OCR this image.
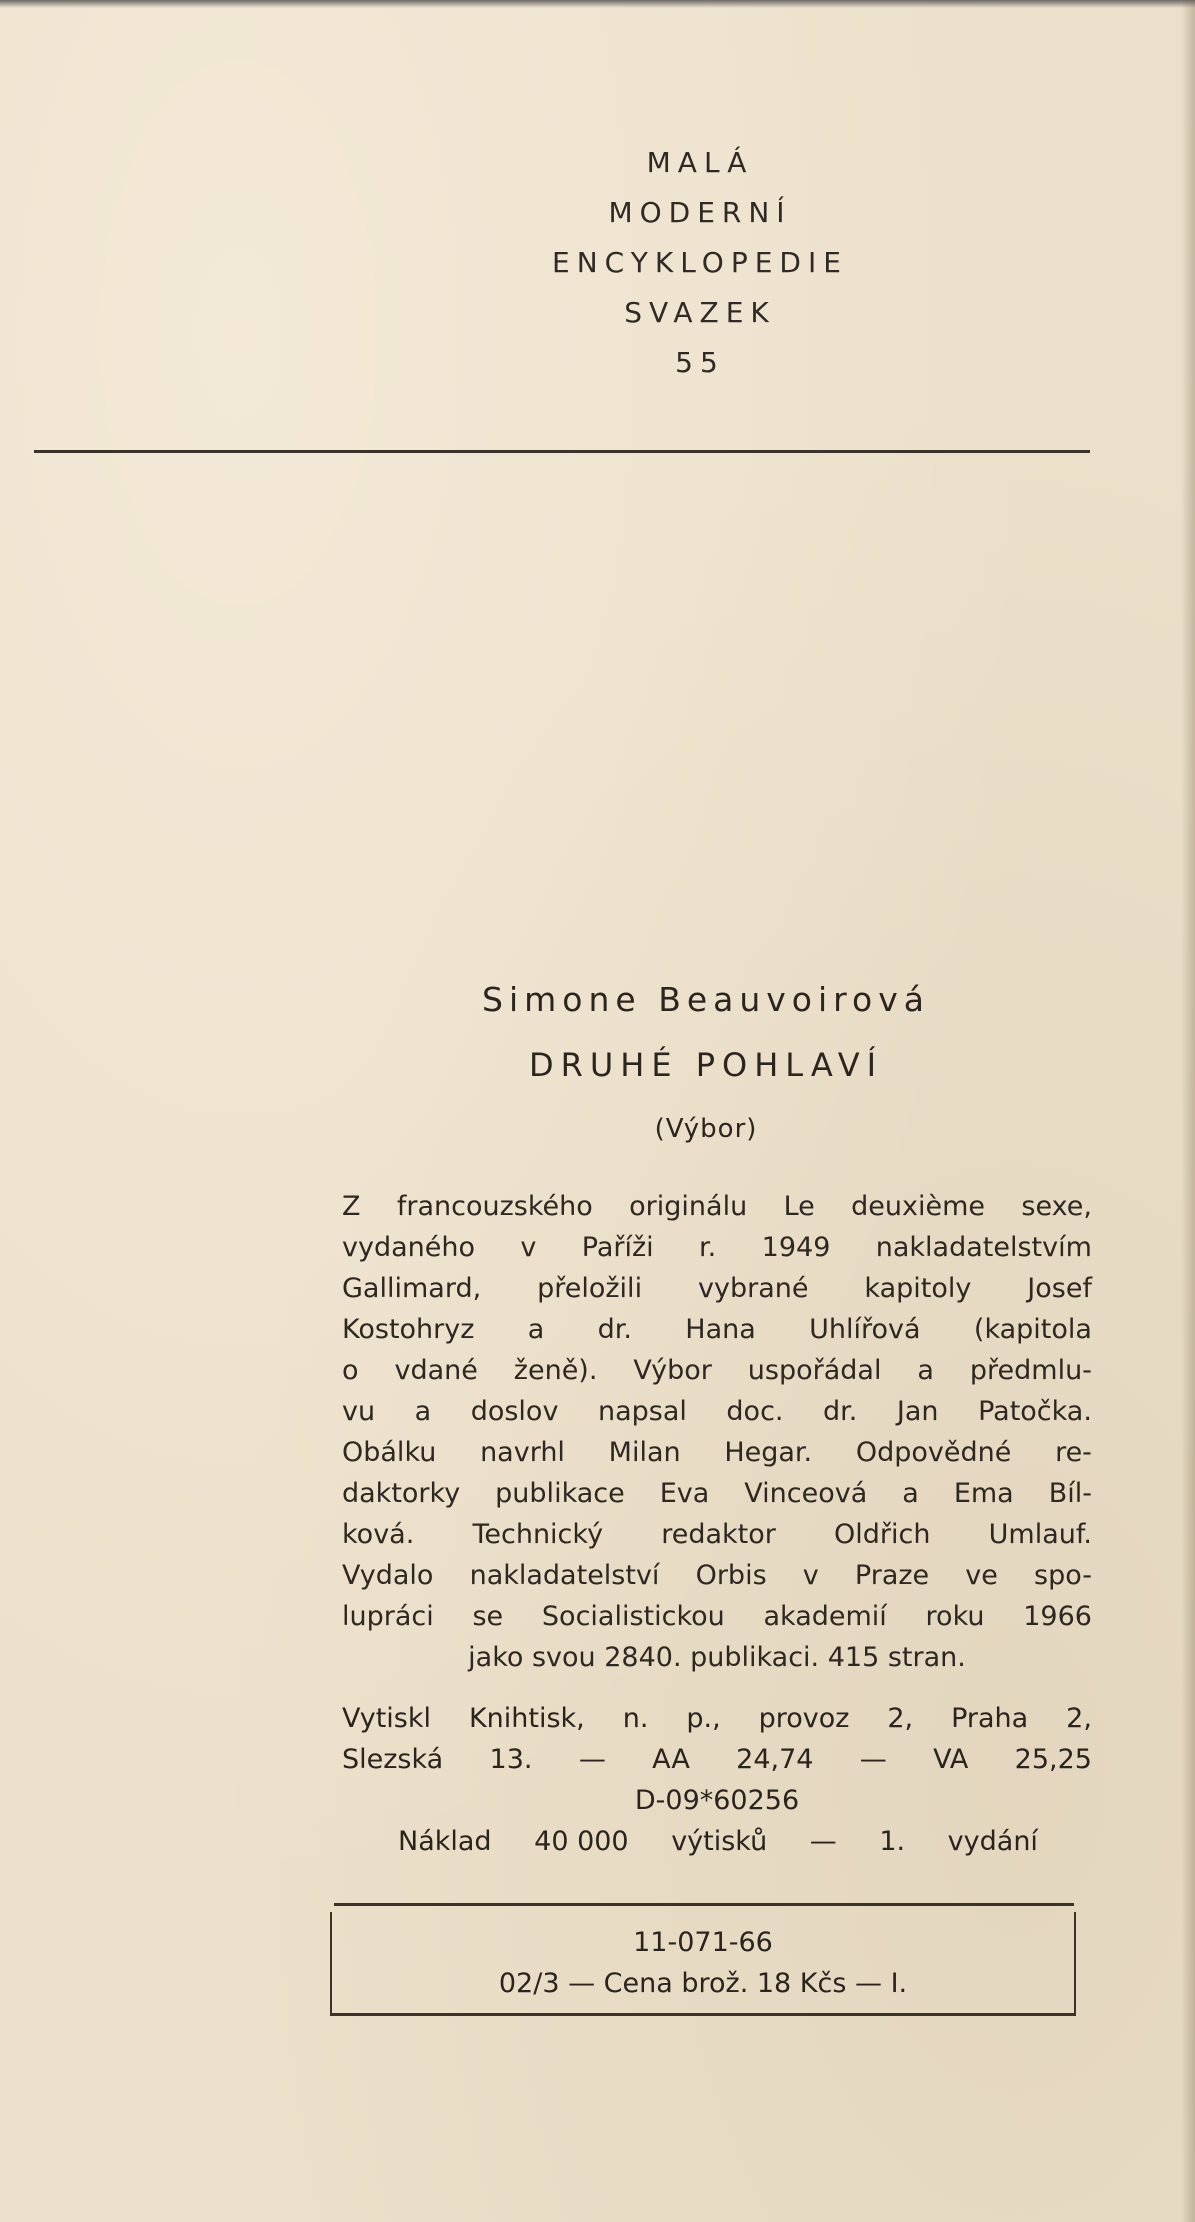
MALÁ
MODERNÍ
ENCYKLOPEDIE
SVAZEK
55
Simone Beauvoirová
DRUHÉ POHLAVÍ
(Výbor)
Z francouzského originálu Le deuxième sexe,
vydaného v Paříži r. 1949 nakladatelstvím
Gallimard, přeložili vybrané kapitoly Josef
Kostohryz a dr. Hana Uhlířová (kapitola
o vdané ženě). Výbor uspořádal a předmlu-
vu a doslov napsal doc. dr. Jan Patočka.
Obálku navrhl Milan Hegar. Odpovědné re-
daktorky publikace Eva Vinceová a Ema Bíl-
ková. Technický redaktor Oldřich Umlauf.
Vydalo nakladatelství Orbis v Praze ve spo-
lupráci se Socialistickou akademií roku 1966
jako svou 2840. publikaci. 415 stran.
Vytiskl Knihtisk, n. p., provoz 2, Praha 2,
Slezská 13. — AA 24,74 — VA 25,25
D-09*60256
Náklad 40 000 výtisků — 1. vydání
11-071-66
02/3 — Cena brož. 18 Kčs — I.
